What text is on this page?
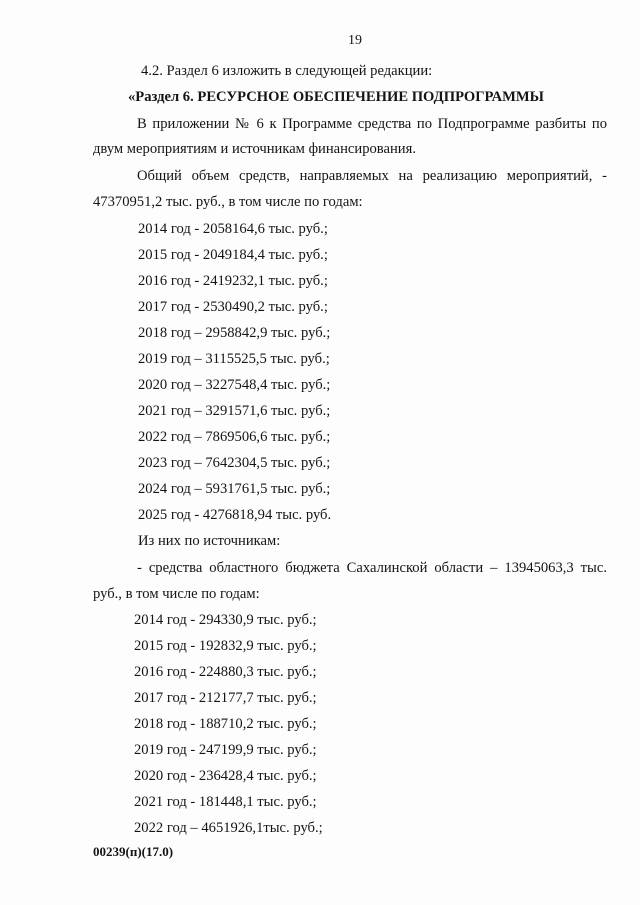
19
4.2. Раздел 6 изложить в следующей редакции:
«Раздел 6. РЕСУРСНОЕ ОБЕСПЕЧЕНИЕ ПОДПРОГРАММЫ
В приложении № 6 к Программе средства по Подпрограмме разбиты по
двум мероприятиям и источникам финансирования.
Общий объем средств, направляемых на реализацию мероприятий, -
47370951,2 тыс. руб., в том числе по годам:
2014 год - 2058164,6 тыс. руб.;
2015 год - 2049184,4 тыс. руб.;
2016 год - 2419232,1 тыс. руб.;
2017 год - 2530490,2 тыс. руб.;
2018 год – 2958842,9 тыс. руб.;
2019 год – 3115525,5 тыс. руб.;
2020 год – 3227548,4 тыс. руб.;
2021 год – 3291571,6 тыс. руб.;
2022 год – 7869506,6 тыс. руб.;
2023 год – 7642304,5 тыс. руб.;
2024 год – 5931761,5 тыс. руб.;
2025 год - 4276818,94 тыс. руб.
Из них по источникам:
- средства областного бюджета Сахалинской области – 13945063,3 тыс.
руб., в том числе по годам:
2014 год - 294330,9 тыс. руб.;
2015 год - 192832,9 тыс. руб.;
2016 год - 224880,3 тыс. руб.;
2017 год - 212177,7 тыс. руб.;
2018 год - 188710,2 тыс. руб.;
2019 год - 247199,9 тыс. руб.;
2020 год - 236428,4 тыс. руб.;
2021 год - 181448,1 тыс. руб.;
2022 год – 4651926,1тыс. руб.;
00239(п)(17.0)
